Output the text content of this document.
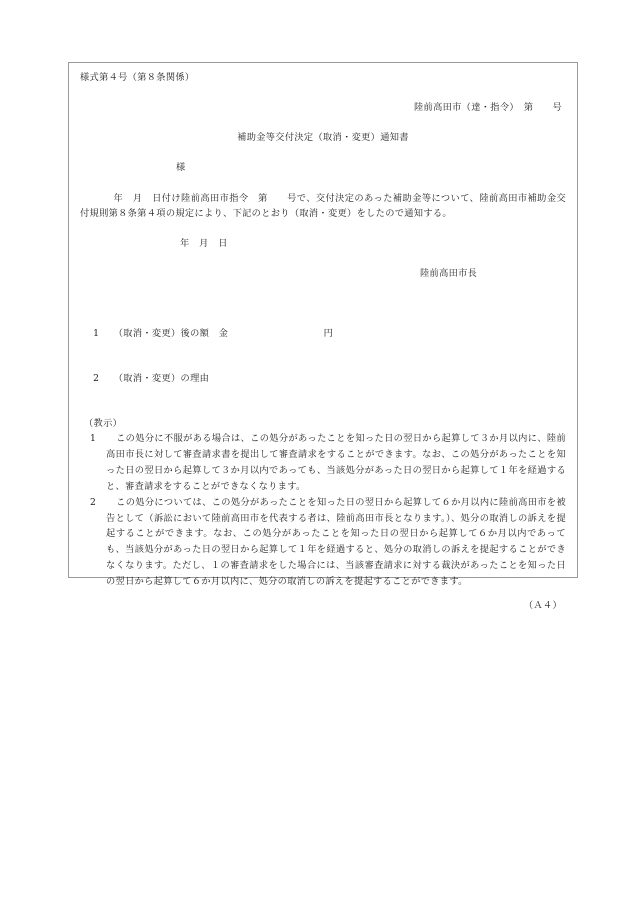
様式第４号（第８条関係）
陸前高田市（達・指令）　第　　号
補助金等交付決定（取消・変更）通知書
様
　年　月　日付け陸前高田市指令　第　　号で、交付決定のあった補助金等について、陸前高田市補助金交付規則第８条第４項の規定により、下記のとおり（取消・変更）をしたので通知する。
年　月　日
陸前高田市長

1　　 （取消・変更）後の額　金　　　　　　　　　　円

2　　 （取消・変更）の理由

（教示）
1	この処分に不服がある場合は、この処分があったことを知った日の翌日から起算して３か月以内に、陸前高田市長に対して審査請求書を提出して審査請求をすることができます。なお、この処分があったことを知った日の翌日から起算して３か月以内であっても、当該処分があった日の翌日から起算して１年を経過すると、審査請求をすることができなくなります。
2	この処分については、この処分があったことを知った日の翌日から起算して６か月以内に陸前高田市を被告として（訴訟において陸前高田市を代表する者は、陸前高田市長となります。）、処分の取消しの訴えを提起することができます。なお、この処分があったことを知った日の翌日から起算して６か月以内であっても、当該処分があった日の翌日から起算して１年を経過すると、処分の取消しの訴えを提起することができなくなります。ただし、１の審査請求をした場合には、当該審査請求に対する裁決があったことを知った日の翌日から起算して６か月以内に、処分の取消しの訴えを提起することができます。
（Ａ４）
